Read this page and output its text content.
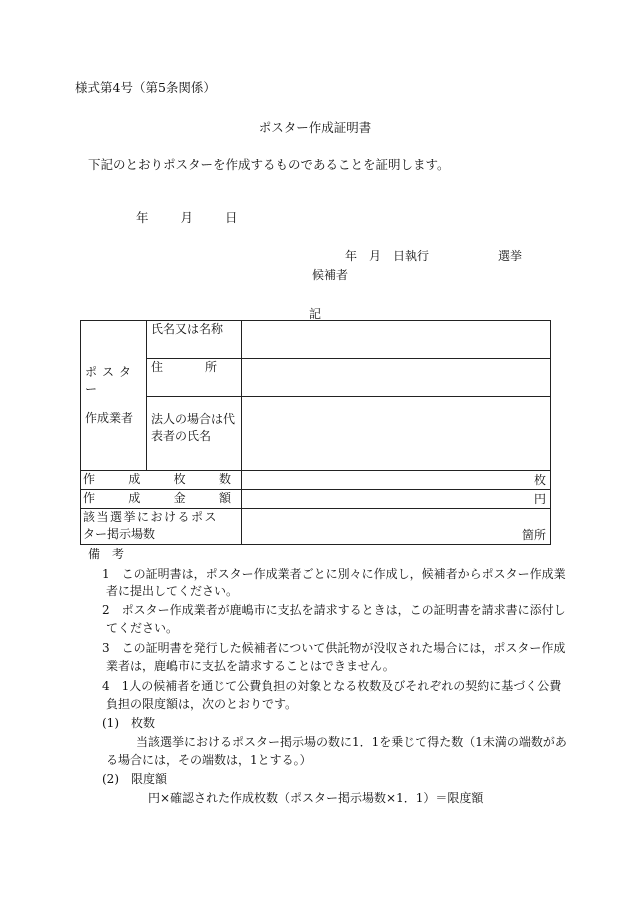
様式第4号（第5条関係）
ポスター作成証明書
下記のとおりポスターを作成するものであることを証明します。
年	月	日
年　月　日執行	選挙
候補者
記
ポスター
作成業者	氏名又は名称	

	住 所	

	法人の場合は代
表者の氏名	

作 成 枚 数		枚

作 成 金 額		円

該当選挙におけるポス
ター掲示場数		箇所
備　考
1　この証明書は，ポスター作成業者ごとに別々に作成し，候補者からポスター作成業
者に提出してください。
2　ポスター作成業者が鹿嶋市に支払を請求するときは，この証明書を請求書に添付し
てください。
3　この証明書を発行した候補者について供託物が没収された場合には，ポスター作成
業者は，鹿嶋市に支払を請求することはできません。
4　1人の候補者を通じて公費負担の対象となる枚数及びそれぞれの契約に基づく公費
負担の限度額は，次のとおりです。
(1)　枚数
当該選挙におけるポスター掲示場の数に1．1を乗じて得た数（1未満の端数があ
る場合には，その端数は，1とする。）
(2)　限度額
円×確認された作成枚数（ポスター掲示場数×1．1）＝限度額
